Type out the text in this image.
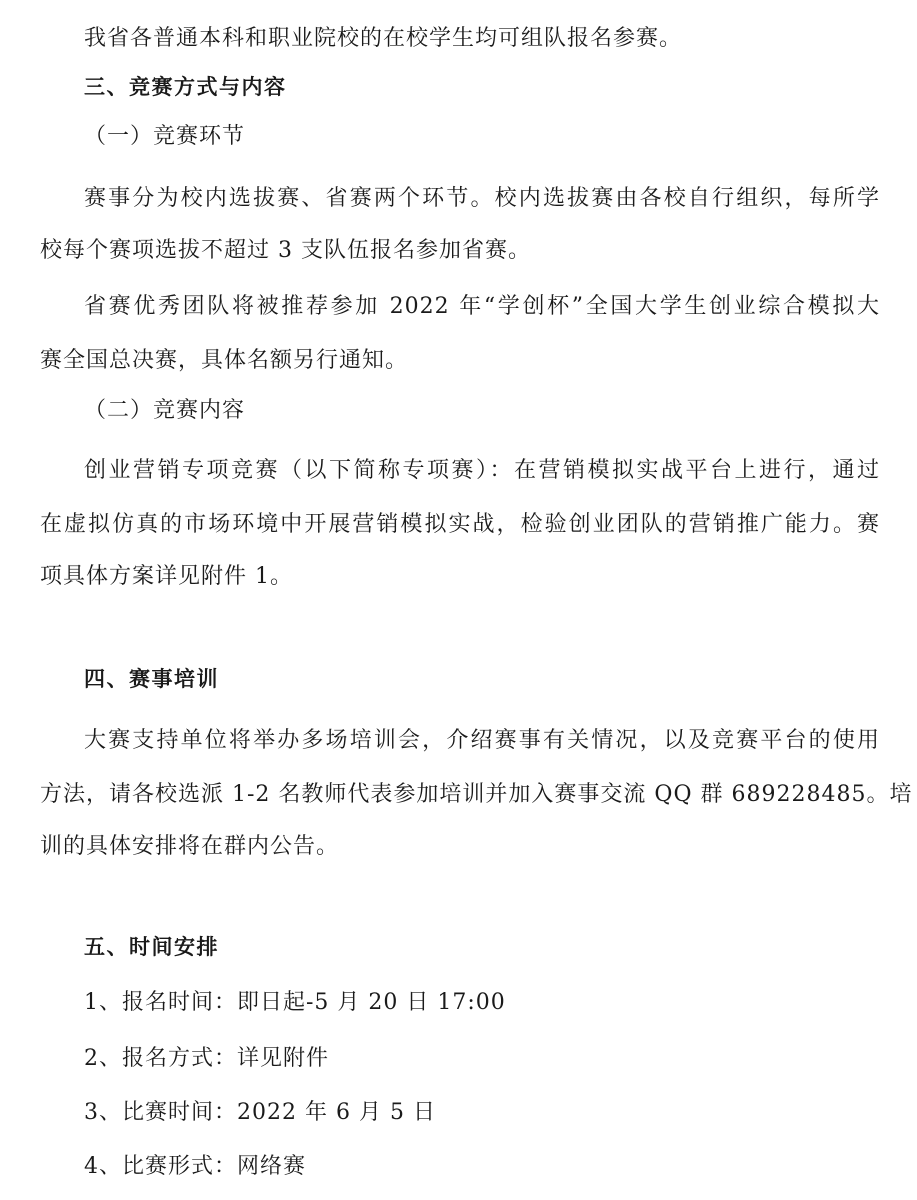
我省各普通本科和职业院校的在校学生均可组队报名参赛。
三、竞赛方式与内容
（一）竞赛环节
赛事分为校内选拔赛、省赛两个环节。校内选拔赛由各校自行组织，每所学
校每个赛项选拔不超过 3 支队伍报名参加省赛。
省赛优秀团队将被推荐参加 2022 年“学创杯”全国大学生创业综合模拟大
赛全国总决赛，具体名额另行通知。
（二）竞赛内容
创业营销专项竞赛（以下简称专项赛）：在营销模拟实战平台上进行，通过
在虚拟仿真的市场环境中开展营销模拟实战，检验创业团队的营销推广能力。赛
项具体方案详见附件 1。
四、赛事培训
大赛支持单位将举办多场培训会，介绍赛事有关情况，以及竞赛平台的使用
方法，请各校选派 1-2 名教师代表参加培训并加入赛事交流 QQ 群 689228485。培
训的具体安排将在群内公告。
五、时间安排
1、报名时间：即日起-5 月 20 日 17:00
2、报名方式：详见附件
3、比赛时间：2022 年 6 月 5 日
4、比赛形式：网络赛
